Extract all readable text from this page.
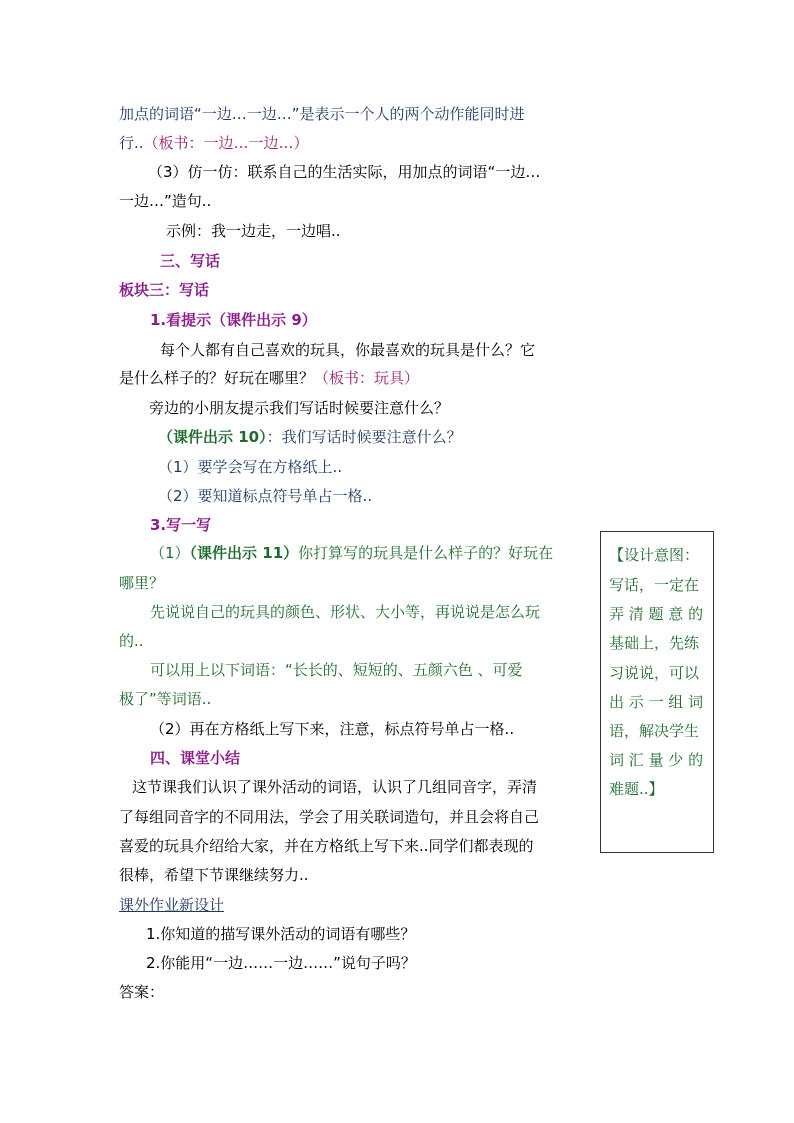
加点的词语“一边…一边…”是表示一个人的两个动作能同时进
行..（板书：一边…一边…）
（3）仿一仿：联系自己的生活实际，用加点的词语“一边…
一边…”造句..
示例：我一边走，一边唱..
三、写话
板块三：写话
1.看提示（课件出示 9）
每个人都有自己喜欢的玩具，你最喜欢的玩具是什么？它
是什么样子的？好玩在哪里？（板书：玩具）
旁边的小朋友提示我们写话时候要注意什么？
（课件出示 10）：我们写话时候要注意什么？
（1）要学会写在方格纸上..
（2）要知道标点符号单占一格..
3.写一写
（1）（课件出示 11）你打算写的玩具是什么样子的？好玩在
哪里？
先说说自己的玩具的颜色、形状、大小等，再说说是怎么玩
的..
可以用上以下词语：“长长的、短短的、五颜六色 、可爱
极了”等词语..
（2）再在方格纸上写下来，注意，标点符号单占一格..
四、课堂小结
这节课我们认识了课外活动的词语，认识了几组同音字，弄清
了每组同音字的不同用法，学会了用关联词造句，并且会将自己
喜爱的玩具介绍给大家，并在方格纸上写下来..同学们都表现的
很棒，希望下节课继续努力..
课外作业新设计
1.你知道的描写课外活动的词语有哪些？
2.你能用“一边……一边……”说句子吗？
答案：
【设计意图：
写话，一定在
弄 清 题 意 的
基础上，先练
习说说，可以
出 示 一 组 词
语，解决学生
词 汇 量 少 的
难题..】
